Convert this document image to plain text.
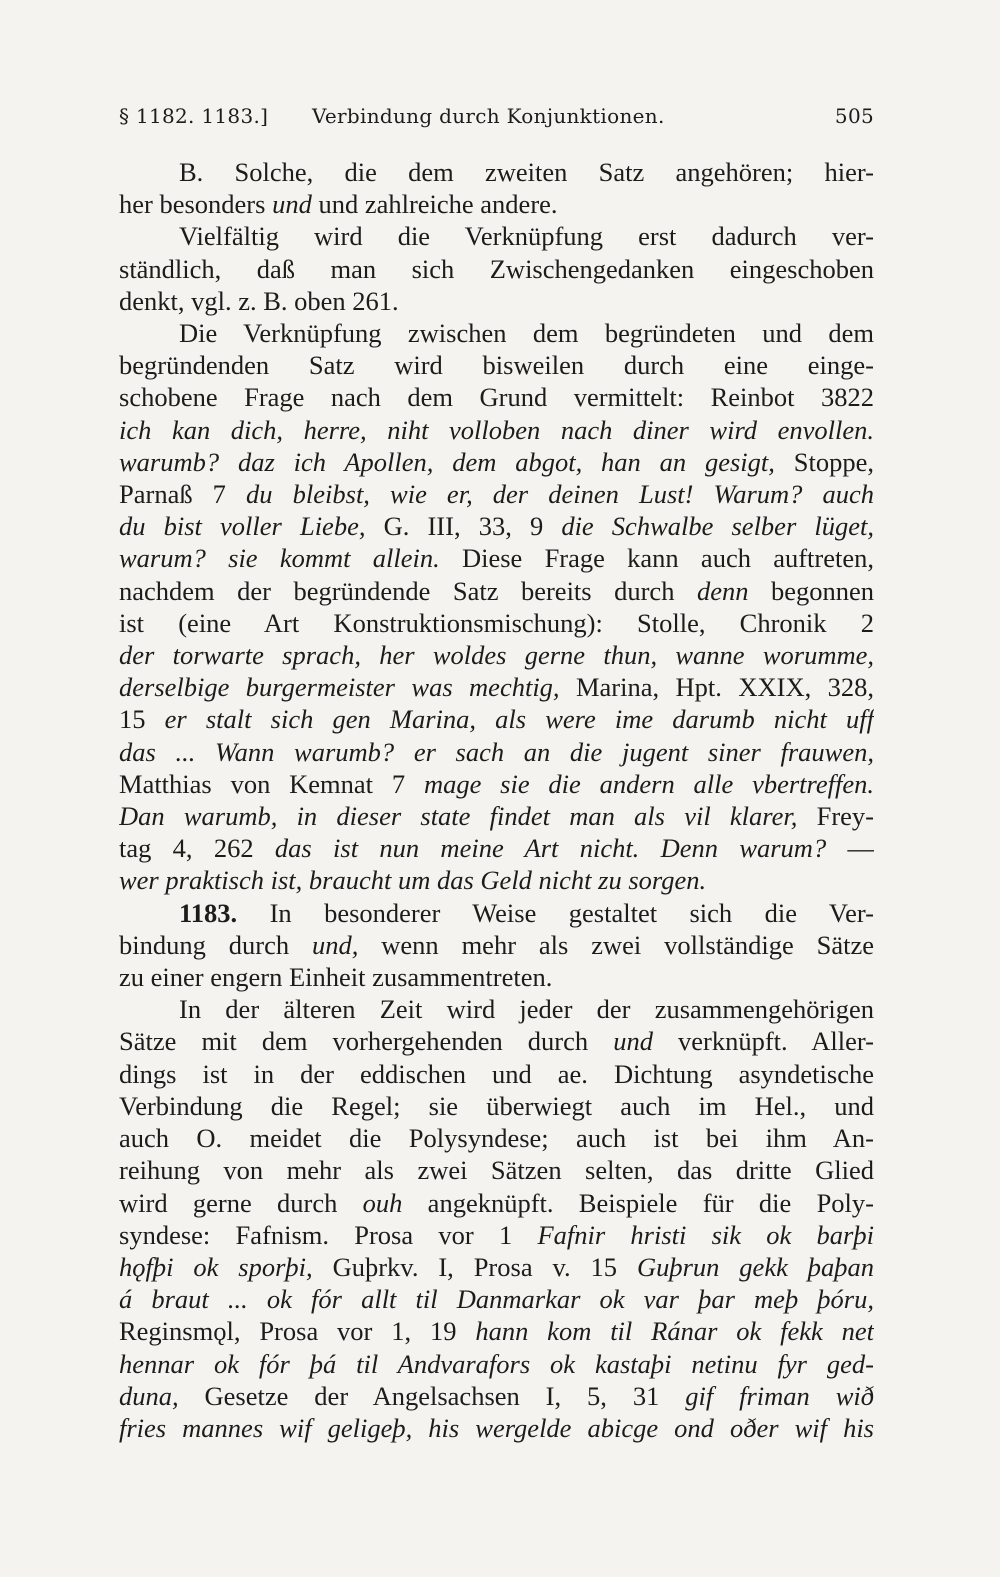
§ 1182. 1183.] Verbindung durch Konjunktionen.	505
B. Solche, die dem zweiten Satz angehören; hier-
her besonders und und zahlreiche andere.
Vielfältig wird die Verknüpfung erst dadurch ver-
ständlich, daß man sich Zwischengedanken eingeschoben
denkt, vgl. z. B. oben 261.
Die Verknüpfung zwischen dem begründeten und dem
begründenden Satz wird bisweilen durch eine einge-
schobene Frage nach dem Grund vermittelt: Reinbot 3822
ich kan dich, herre, niht volloben nach diner wird envollen.
warumb? daz ich Apollen, dem abgot, han an gesigt, Stoppe,
Parnaß 7 du bleibst, wie er, der deinen Lust! Warum? auch
du bist voller Liebe, G. III, 33, 9 die Schwalbe selber lüget,
warum? sie kommt allein. Diese Frage kann auch auftreten,
nachdem der begründende Satz bereits durch denn begonnen
ist (eine Art Konstruktionsmischung): Stolle, Chronik 2
der torwarte sprach, her woldes gerne thun, wanne worumme,
derselbige burgermeister was mechtig, Marina, Hpt. XXIX, 328,
15 er stalt sich gen Marina, als were ime darumb nicht uff
das ... Wann warumb? er sach an die jugent siner frauwen,
Matthias von Kemnat 7 mage sie die andern alle vbertreffen.
Dan warumb, in dieser state findet man als vil klarer, Frey-
tag 4, 262 das ist nun meine Art nicht. Denn warum? —
wer praktisch ist, braucht um das Geld nicht zu sorgen.
1183. In besonderer Weise gestaltet sich die Ver-
bindung durch und, wenn mehr als zwei vollständige Sätze
zu einer engern Einheit zusammentreten.
In der älteren Zeit wird jeder der zusammengehörigen
Sätze mit dem vorhergehenden durch und verknüpft. Aller-
dings ist in der eddischen und ae. Dichtung asyndetische
Verbindung die Regel; sie überwiegt auch im Hel., und
auch O. meidet die Polysyndese; auch ist bei ihm An-
reihung von mehr als zwei Sätzen selten, das dritte Glied
wird gerne durch ouh angeknüpft. Beispiele für die Poly-
syndese: Fafnism. Prosa vor 1 Fafnir hristi sik ok barþi
hǫfþi ok sporþi, Guþrkv. I, Prosa v. 15 Guþrun gekk þaþan
á braut ... ok fór allt til Danmarkar ok var þar meþ þóru,
Reginsmǫl, Prosa vor 1, 19 hann kom til Ránar ok fekk net
hennar ok fór þá til Andvarafors ok kastaþi netinu fyr ged-
duna, Gesetze der Angelsachsen I, 5, 31 gif friman wið
fries mannes wif geligeþ, his wergelde abicge ond oðer wif his
